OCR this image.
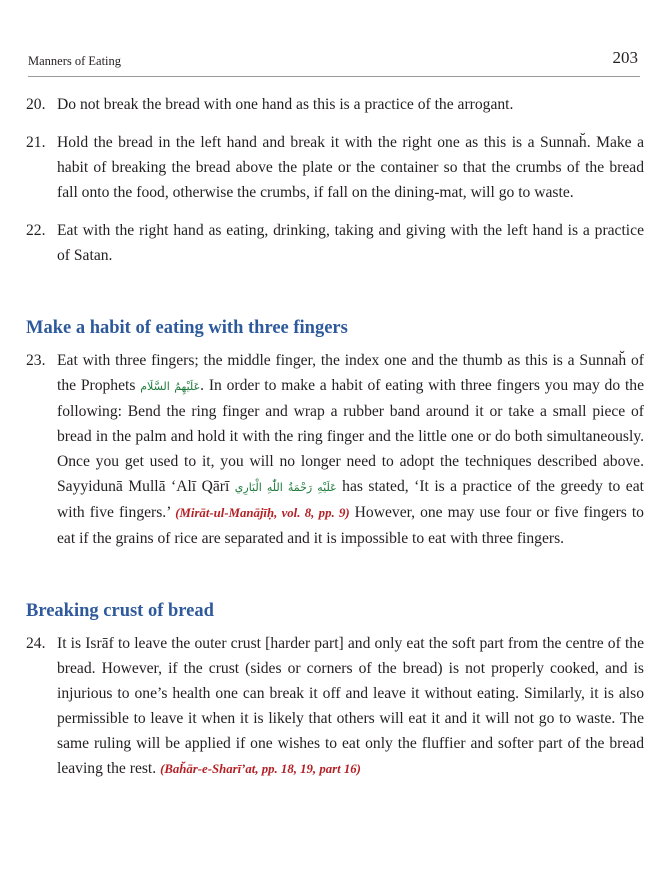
Manners of Eating	203
20. Do not break the bread with one hand as this is a practice of the arrogant.
21. Hold the bread in the left hand and break it with the right one as this is a Sunnah̆. Make a habit of breaking the bread above the plate or the container so that the crumbs of the bread fall onto the food, otherwise the crumbs, if fall on the dining-mat, will go to waste.
22. Eat with the right hand as eating, drinking, taking and giving with the left hand is a practice of Satan.
Make a habit of eating with three fingers
23. Eat with three fingers; the middle finger, the index one and the thumb as this is a Sunnah̆ of the Prophets عَلَيْهِمُ السَّلَام. In order to make a habit of eating with three fingers you may do the following: Bend the ring finger and wrap a rubber band around it or take a small piece of bread in the palm and hold it with the ring finger and the little one or do both simultaneously. Once you get used to it, you will no longer need to adopt the techniques described above. Sayyidunā Mullā ‘Alī Qārī عَلَيْهِ رَحْمَةُ اللّٰهِ الْبَارِي has stated, ‘It is a practice of the greedy to eat with five fingers.’ (Mirāt-ul-Manājīḥ, vol. 8, pp. 9) However, one may use four or five fingers to eat if the grains of rice are separated and it is impossible to eat with three fingers.
Breaking crust of bread
24. It is Isrāf to leave the outer crust [harder part] and only eat the soft part from the centre of the bread. However, if the crust (sides or corners of the bread) is not properly cooked, and is injurious to one’s health one can break it off and leave it without eating. Similarly, it is also permissible to leave it when it is likely that others will eat it and it will not go to waste. The same ruling will be applied if one wishes to eat only the fluffier and softer part of the bread leaving the rest. (Bah̆ār-e-Sharī’at, pp. 18, 19, part 16)
